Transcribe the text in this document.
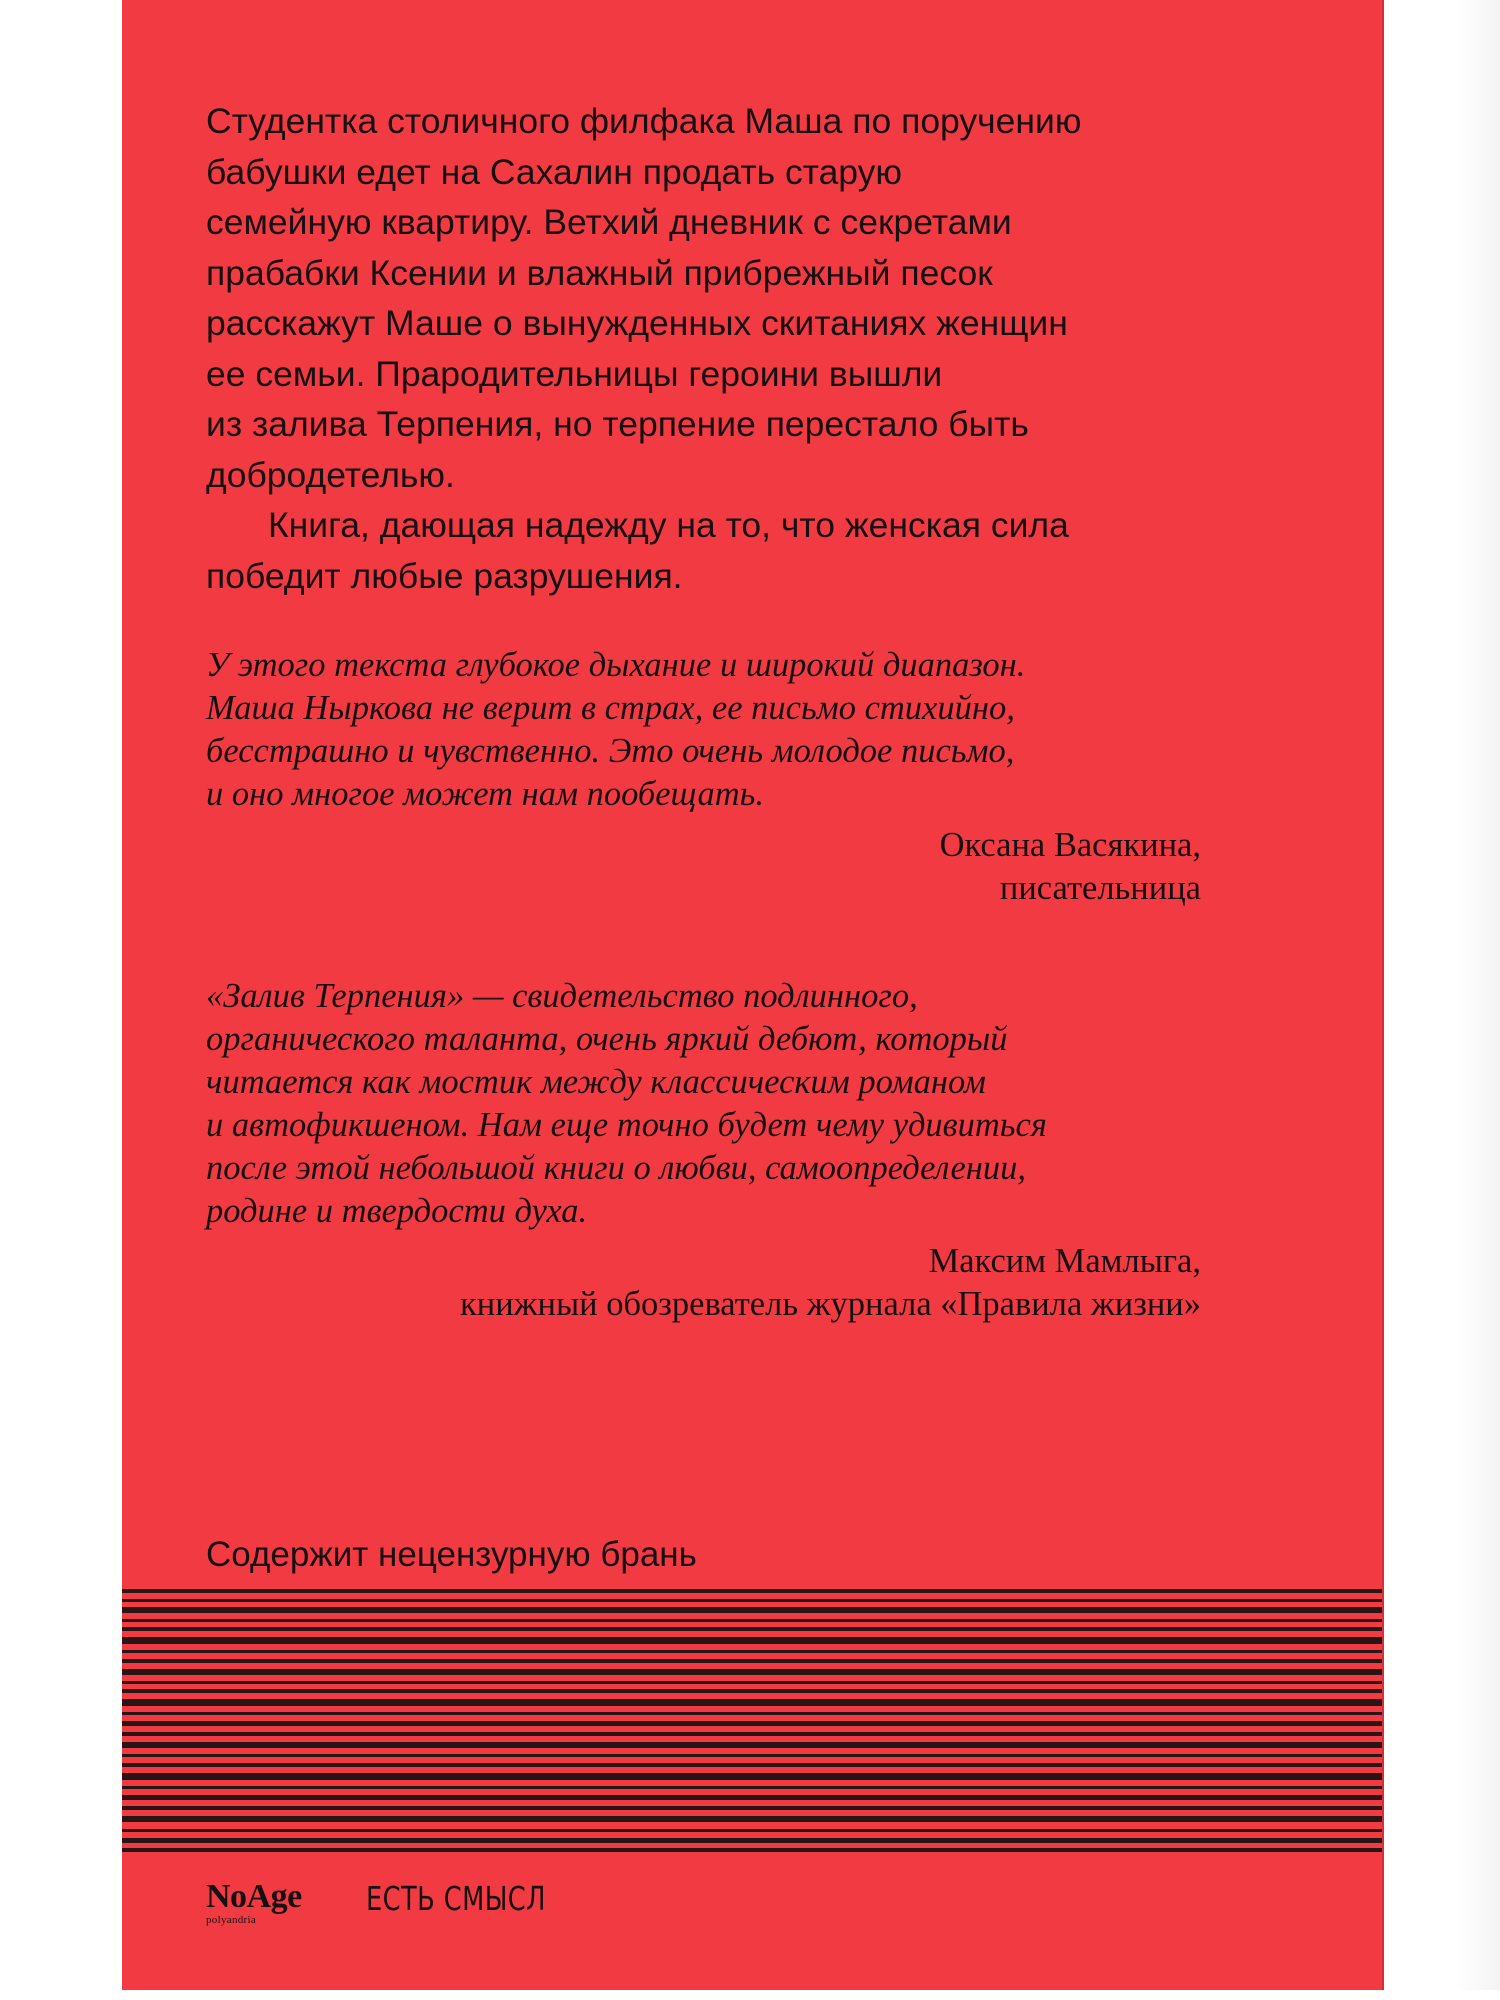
Студентка столичного филфака Маша по поручению
бабушки едет на Сахалин продать старую
семейную квартиру. Ветхий дневник с секретами
прабабки Ксении и влажный прибрежный песок
расскажут Маше о вынужденных скитаниях женщин
ее семьи. Прародительницы героини вышли
из залива Терпения, но терпение перестало быть
добродетелью.

Книга, дающая надежду на то, что женская сила
победит любые разрушения.

У этого текста глубокое дыхание и широкий диапазон.
Маша Ныркова не верит в страх, ее письмо стихийно,
бесстрашно и чувственно. Это очень молодое письмо,
и оно многое может нам пообещать.

Оксана Васякина,
писательница

«Залив Терпения» — свидетельство подлинного,
органического таланта, очень яркий дебют, который
читается как мостик между классическим романом
и автофикшеном. Нам еще точно будет чему удивиться
после этой небольшой книги о любви, самоопределении,
родине и твердости духа.

Максим Мамлыга,
книжный обозреватель журнала «Правила жизни»
Содержит нецензурную брань
NoAge
polyandria
ЕСТЬ СМЫСЛ
